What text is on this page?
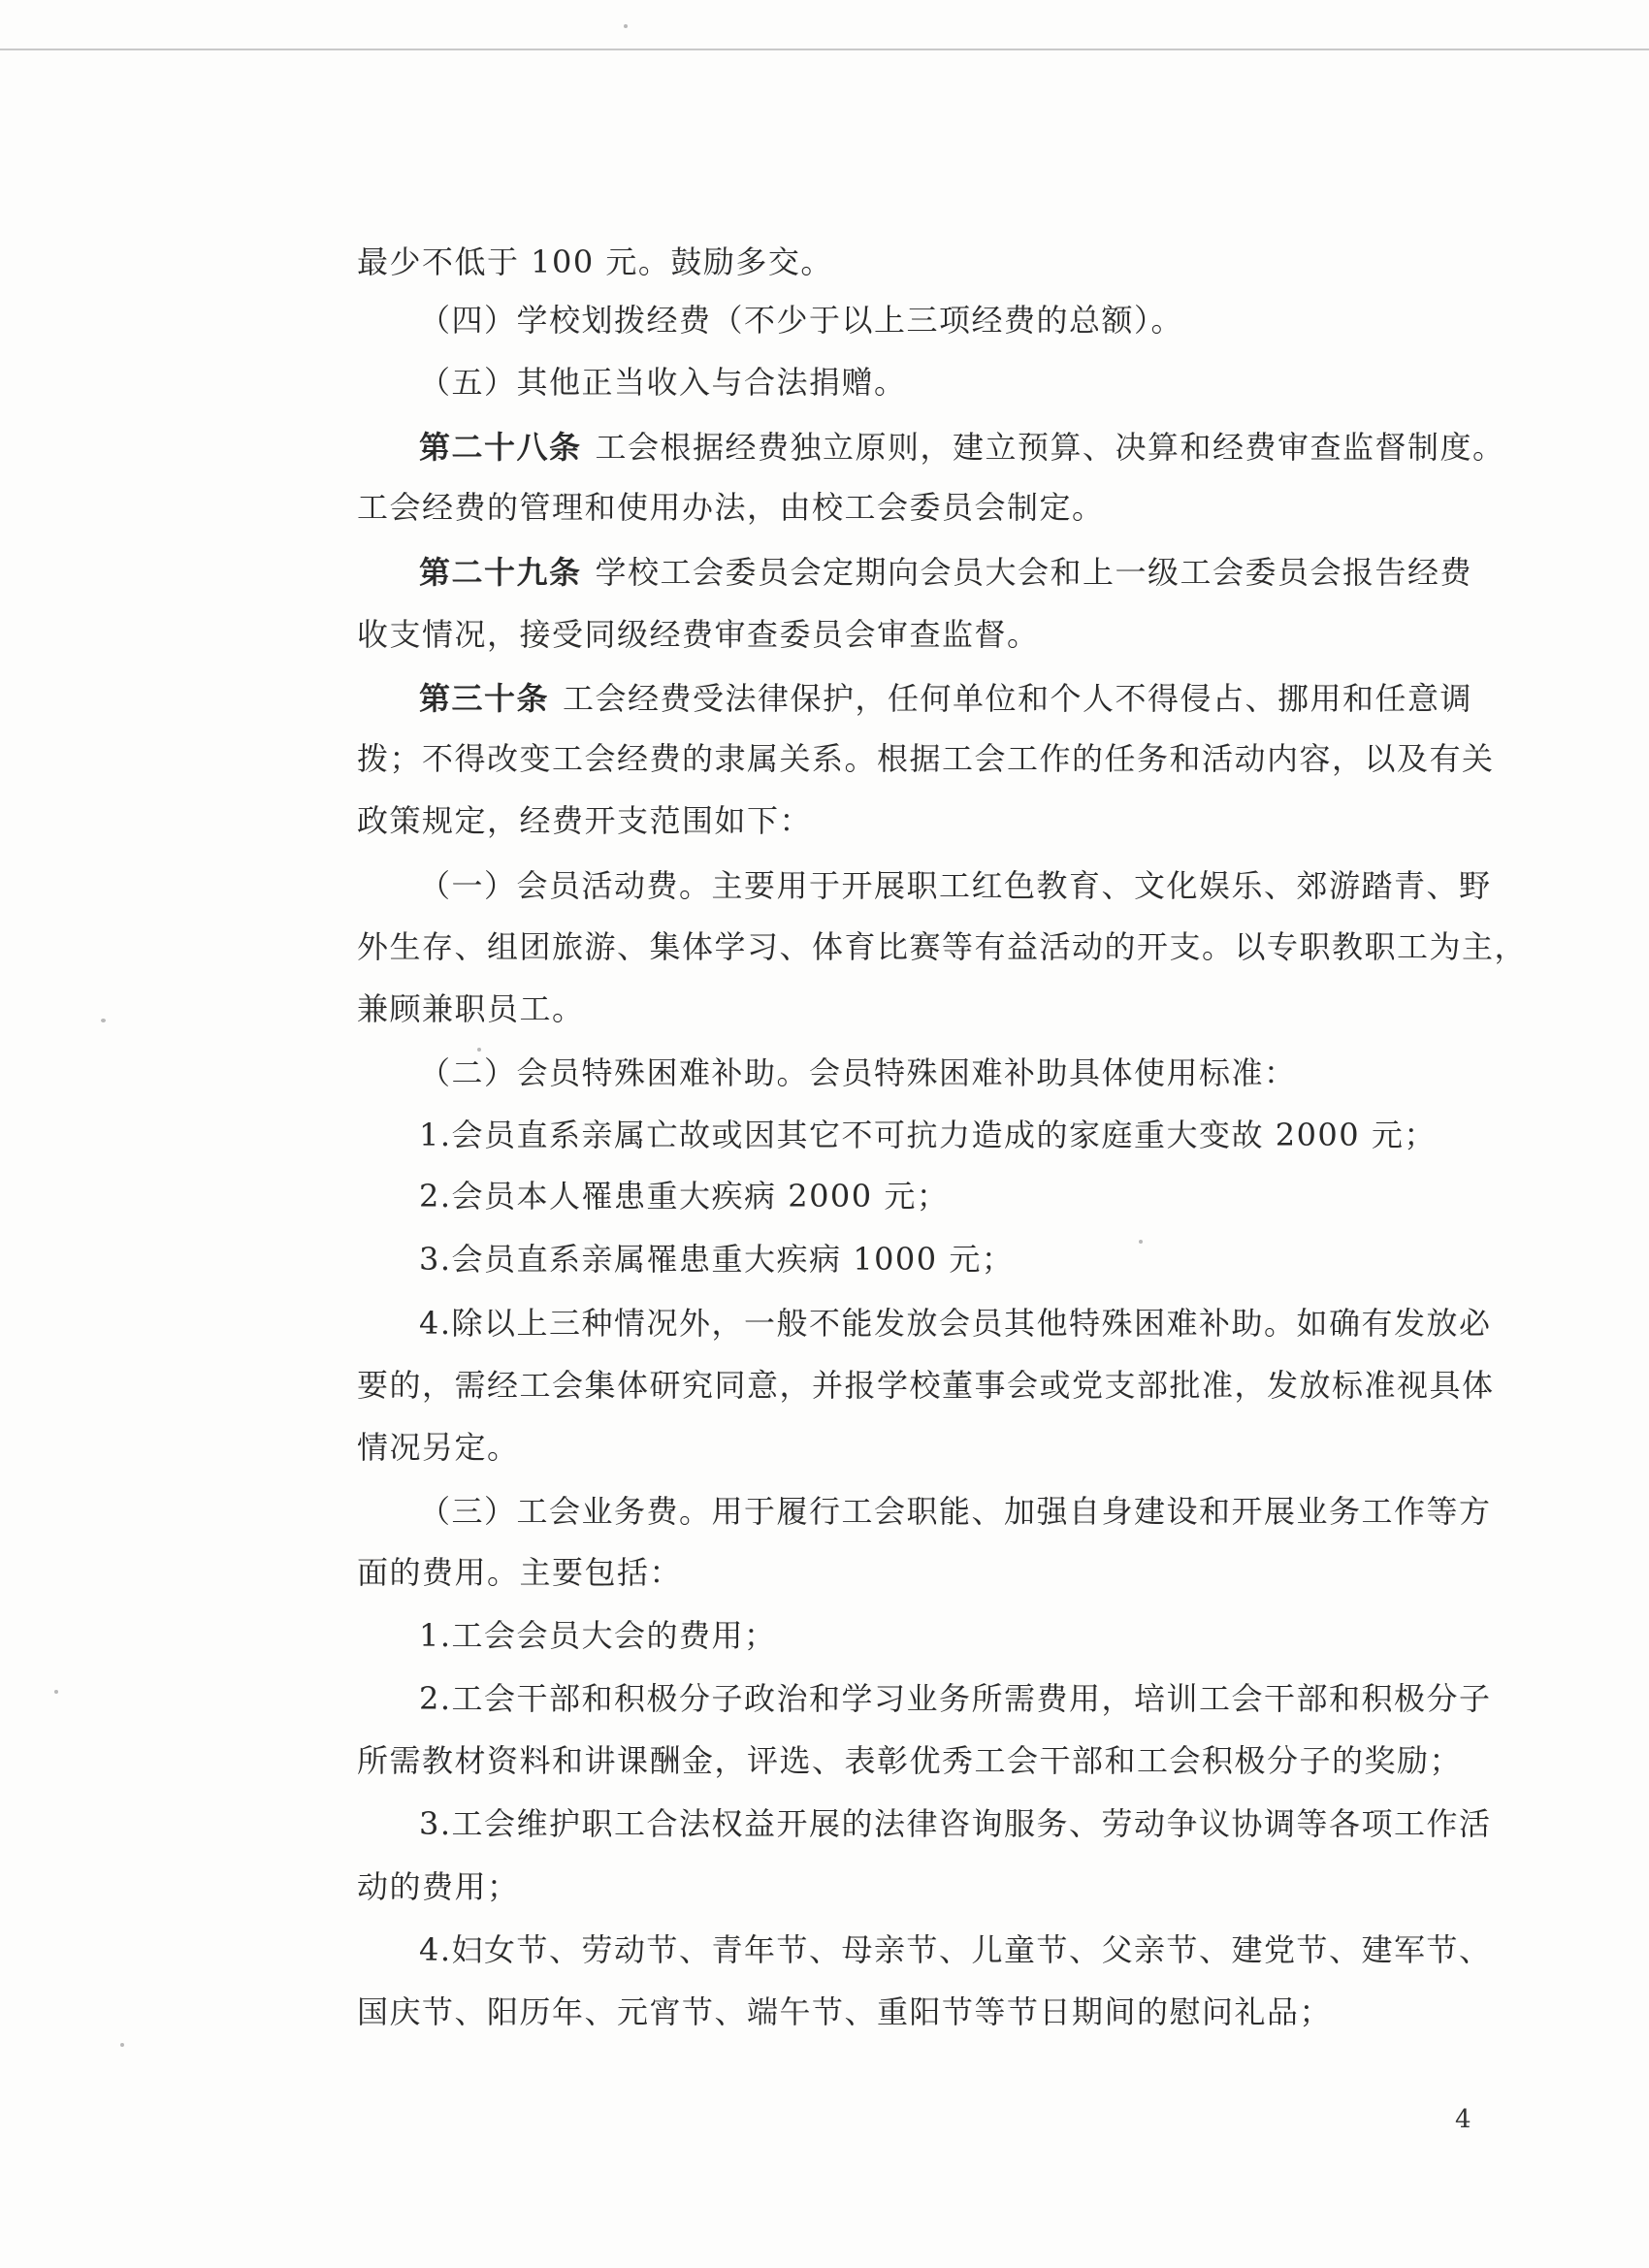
最少不低于 100 元。鼓励多交。

（四）学校划拨经费（不少于以上三项经费的总额）。

（五）其他正当收入与合法捐赠。

第二十八条 工会根据经费独立原则，建立预算、决算和经费审查监督制度。

工会经费的管理和使用办法，由校工会委员会制定。

第二十九条 学校工会委员会定期向会员大会和上一级工会委员会报告经费

收支情况，接受同级经费审查委员会审查监督。

第三十条 工会经费受法律保护，任何单位和个人不得侵占、挪用和任意调

拨；不得改变工会经费的隶属关系。根据工会工作的任务和活动内容，以及有关

政策规定，经费开支范围如下：

（一）会员活动费。主要用于开展职工红色教育、文化娱乐、郊游踏青、野

外生存、组团旅游、集体学习、体育比赛等有益活动的开支。以专职教职工为主，

兼顾兼职员工。

（二）会员特殊困难补助。会员特殊困难补助具体使用标准：

1.会员直系亲属亡故或因其它不可抗力造成的家庭重大变故 2000 元；

2.会员本人罹患重大疾病 2000 元；

3.会员直系亲属罹患重大疾病 1000 元；

4.除以上三种情况外，一般不能发放会员其他特殊困难补助。如确有发放必

要的，需经工会集体研究同意，并报学校董事会或党支部批准，发放标准视具体

情况另定。

（三）工会业务费。用于履行工会职能、加强自身建设和开展业务工作等方

面的费用。主要包括：

1.工会会员大会的费用；

2.工会干部和积极分子政治和学习业务所需费用，培训工会干部和积极分子

所需教材资料和讲课酬金，评选、表彰优秀工会干部和工会积极分子的奖励；

3.工会维护职工合法权益开展的法律咨询服务、劳动争议协调等各项工作活

动的费用；

4.妇女节、劳动节、青年节、母亲节、儿童节、父亲节、建党节、建军节、

国庆节、阳历年、元宵节、端午节、重阳节等节日期间的慰问礼品；

4
